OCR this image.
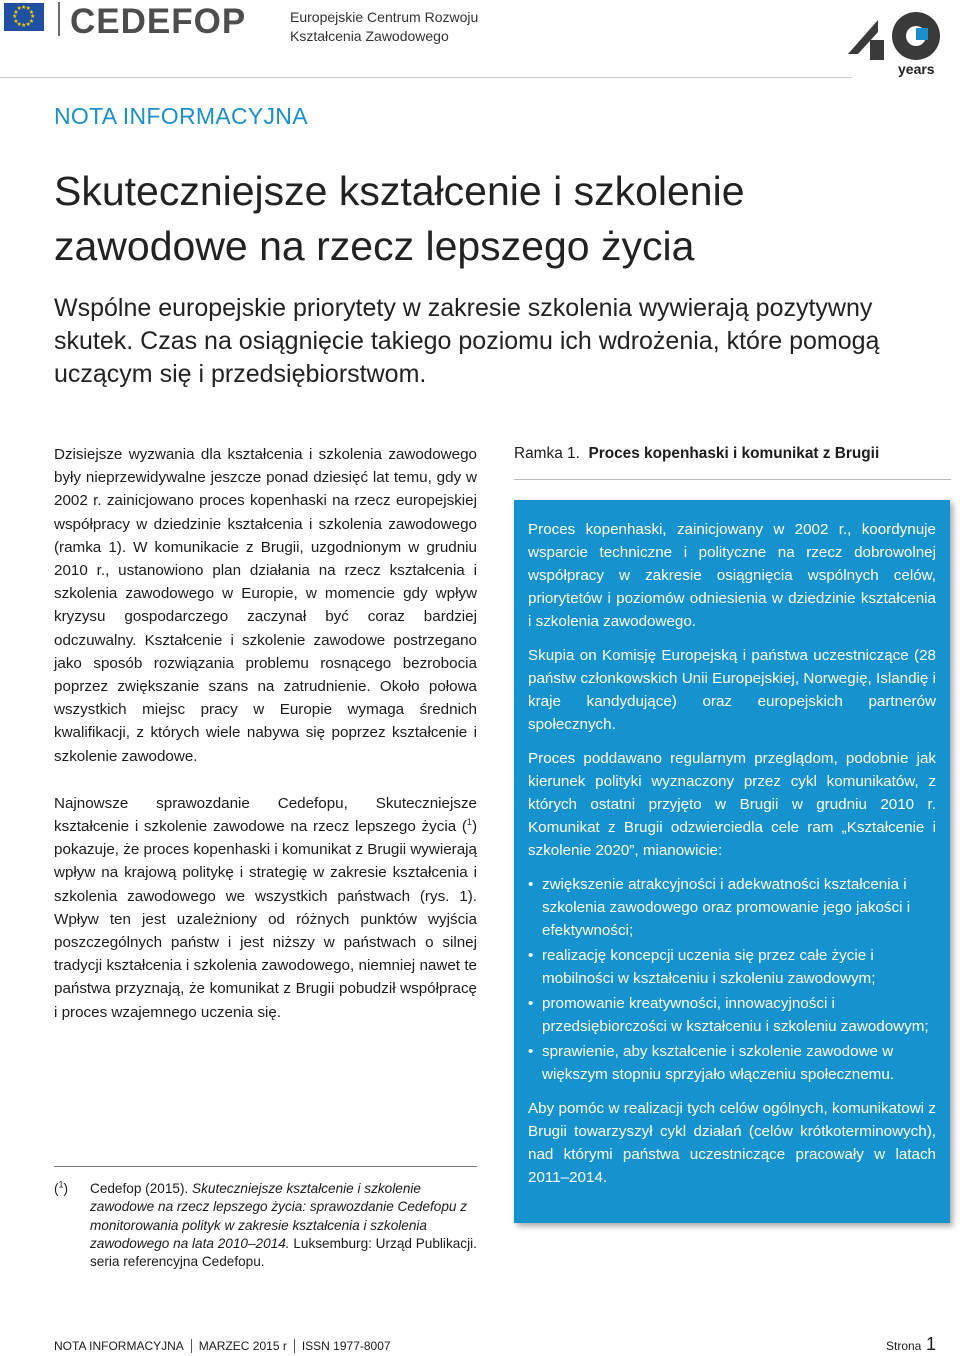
★
★
★
★
★
★
★
★
★ ★ ★
★ CEDEFOP	Europejskie Centrum Rozwoju
Kształcenia Zawodowego
years
NOTA INFORMACYJNA
Skuteczniejsze kształcenie i szkolenie
zawodowe na rzecz lepszego życia
Wspólne europejskie priorytety w zakresie szkolenia wywierają pozytywny skutek. Czas na osiągnięcie takiego poziomu ich wdrożenia, które pomogą uczącym się i przedsiębiorstwom.

Dzisiejsze wyzwania dla kształcenia i szkolenia zawodowego były nieprzewidywalne jeszcze ponad dziesięć lat temu, gdy w 2002 r. zainicjowano proces kopenhaski na rzecz europejskiej współpracy w dziedzinie kształcenia i szkolenia zawodowego (ramka 1). W komunikacie z Brugii, uzgodnionym w grudniu 2010 r., ustanowiono plan działania na rzecz kształcenia i szkolenia zawodowego w Europie, w momencie gdy wpływ kryzysu gospodarczego zaczynał być coraz bardziej odczuwalny. Kształcenie i szkolenie zawodowe postrzegano jako sposób rozwiązania problemu rosnącego bezrobocia poprzez zwiększanie szans na zatrudnienie. Około połowa wszystkich miejsc pracy w Europie wymaga średnich kwalifikacji, z których wiele nabywa się poprzez kształcenie i szkolenie zawodowe.

Najnowsze sprawozdanie Cedefopu, Skuteczniejsze kształcenie i szkolenie zawodowe na rzecz lepszego życia ($^1$) pokazuje, że proces kopenhaski i komunikat z Brugii wywierają wpływ na krajową politykę i strategię w zakresie kształcenia i szkolenia zawodowego we wszystkich państwach (rys. 1). Wpływ ten jest uzależniony od różnych punktów wyjścia poszczególnych państw i jest niższy w państwach o silnej tradycji kształcenia i szkolenia zawodowego, niemniej nawet te państwa przyznają, że komunikat z Brugii pobudził współpracę i proces wzajemnego uczenia się.

($^1$) Cedefop (2015). Skuteczniejsze kształcenie i szkolenie zawodowe na rzecz lepszego życia: sprawozdanie Cedefopu z monitorowania polityk w zakresie kształcenia i szkolenia zawodowego na lata 2010–2014. Luksemburg: Urząd Publikacji. seria referencyjna Cedefopu.
Ramka 1. Proces kopenhaski i komunikat z Brugii

Proces kopenhaski, zainicjowany w 2002 r., koordynuje wsparcie techniczne i polityczne na rzecz dobrowolnej współpracy w zakresie osiągnięcia wspólnych celów, priorytetów i poziomów odniesienia w dziedzinie kształcenia i szkolenia zawodowego.

Skupia on Komisję Europejską i państwa uczestniczące (28 państw członkowskich Unii Europejskiej, Norwegię, Islandię i kraje kandydujące) oraz europejskich partnerów społecznych.

Proces poddawano regularnym przeglądom, podobnie jak kierunek polityki wyznaczony przez cykl komunikatów, z których ostatni przyjęto w Brugii w grudniu 2010 r. Komunikat z Brugii odzwierciedla cele ram „Kształcenie i szkolenie 2020”, mianowicie:

• zwiększenie atrakcyjności i adekwatności kształcenia i szkolenia zawodowego oraz promowanie jego jakości i efektywności;
• realizację koncepcji uczenia się przez całe życie i mobilności w kształceniu i szkoleniu zawodowym;
• promowanie kreatywności, innowacyjności i przedsiębiorczości w kształceniu i szkoleniu zawodowym;
• sprawienie, aby kształcenie i szkolenie zawodowe w większym stopniu sprzyjało włączeniu społecznemu.

Aby pomóc w realizacji tych celów ogólnych, komunikatowi z Brugii towarzyszył cykl działań (celów krótkoterminowych), nad którymi państwa uczestniczące pracowały w latach 2011–2014.

NOTA INFORMACYJNA MARZEC 2015 r ISSN 1977-8007	Strona 1
